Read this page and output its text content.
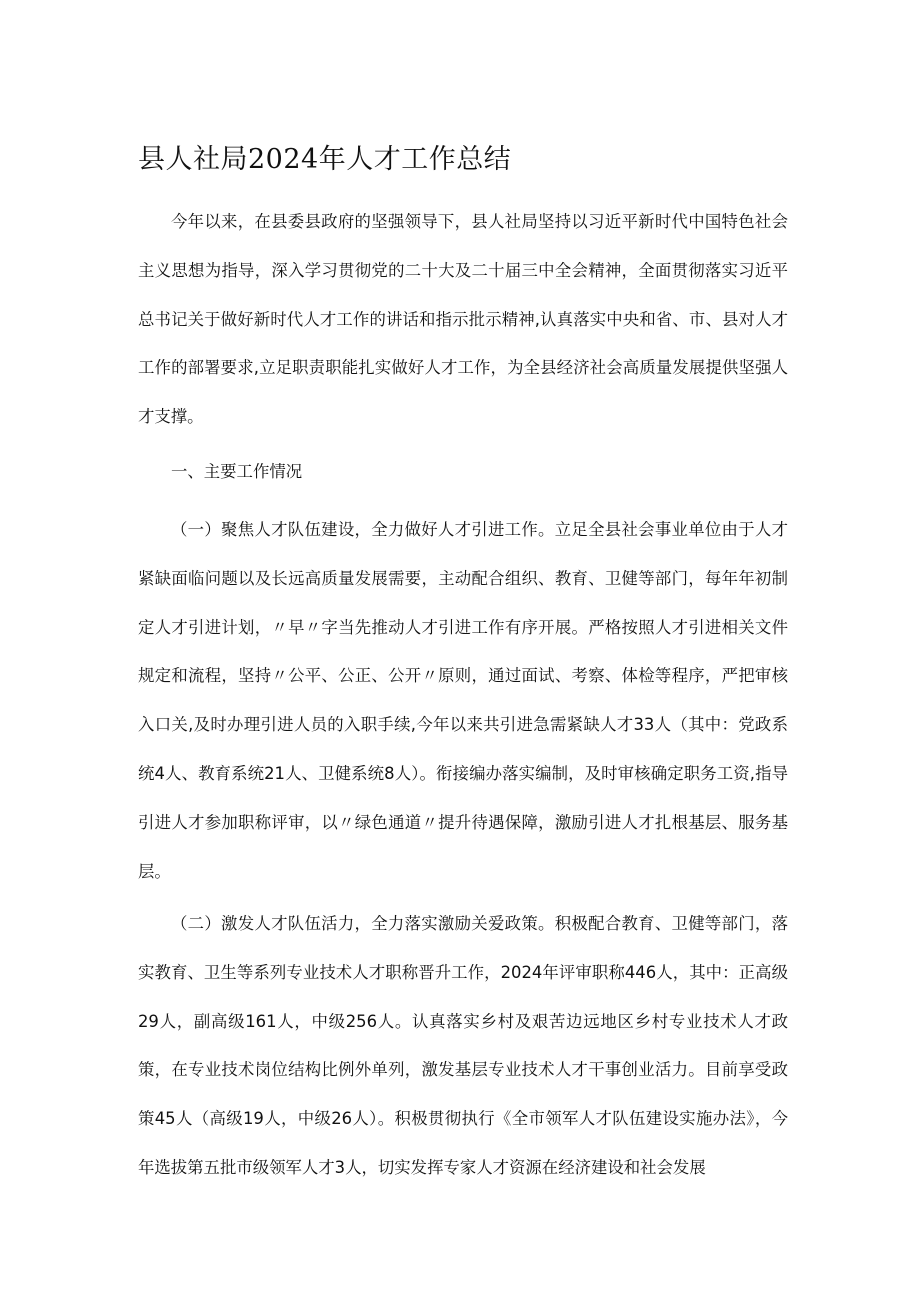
县人社局2024年人才工作总结

今年以来，在县委县政府的坚强领导下，县人社局坚持以习近平新时代中国特色社会主义思想为指导，深入学习贯彻党的二十大及二十届三中全会精神，全面贯彻落实习近平总书记关于做好新时代人才工作的讲话和指示批示精神,认真落实中央和省、市、县对人才工作的部署要求,立足职责职能扎实做好人才工作，为全县经济社会高质量发展提供坚强人才支撑。

一、主要工作情况

（一）聚焦人才队伍建设，全力做好人才引进工作。立足全县社会事业单位由于人才紧缺面临问题以及长远高质量发展需要，主动配合组织、教育、卫健等部门，每年年初制定人才引进计划，〃早〃字当先推动人才引进工作有序开展。严格按照人才引进相关文件规定和流程，坚持〃公平、公正、公开〃原则，通过面试、考察、体检等程序，严把审核入口关,及时办理引进人员的入职手续,今年以来共引进急需紧缺人才33人（其中：党政系统4人、教育系统21人、卫健系统8人）。衔接编办落实编制，及时审核确定职务工资,指导引进人才参加职称评审，以〃绿色通道〃提升待遇保障，激励引进人才扎根基层、服务基层。

（二）激发人才队伍活力，全力落实激励关爱政策。积极配合教育、卫健等部门，落实教育、卫生等系列专业技术人才职称晋升工作，2024年评审职称446人，其中：正高级29人，副高级161人，中级256人。认真落实乡村及艰苦边远地区乡村专业技术人才政策，在专业技术岗位结构比例外单列，激发基层专业技术人才干事创业活力。目前享受政策45人（高级19人，中级26人）。积极贯彻执行《全市领军人才队伍建设实施办法》，今年选拔第五批市级领军人才3人，切实发挥专家人才资源在经济建设和社会发展
